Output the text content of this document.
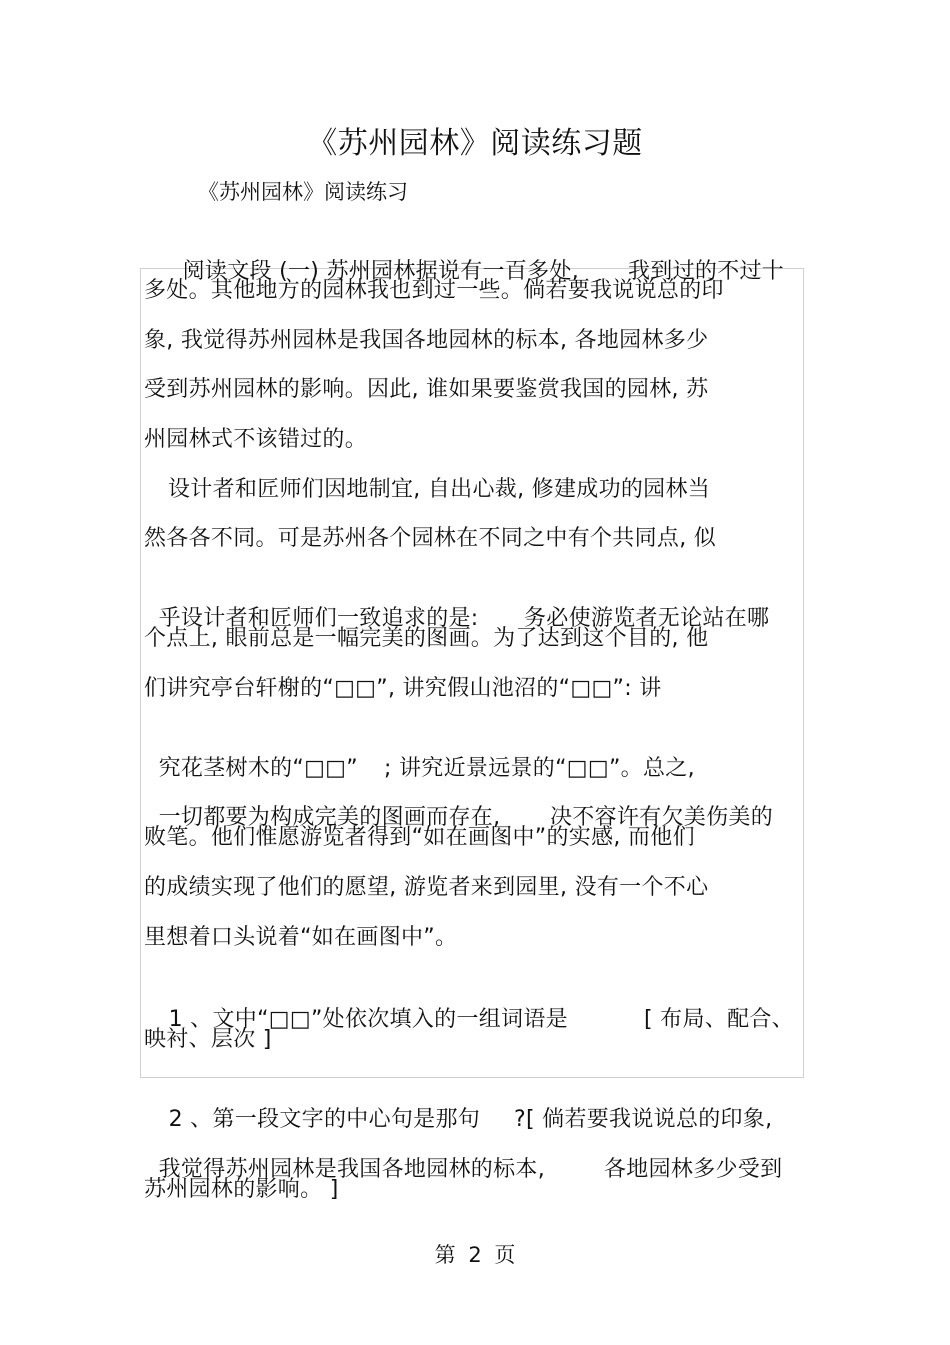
《苏州园林》阅读练习题
《苏州园林》阅读练习

阅读文段 (一) 苏州园林据说有一百多处, 我到过的不过十

多处。其他地方的园林我也到过一些。倘若要我说说总的印
象, 我觉得苏州园林是我国各地园林的标本, 各地园林多少
受到苏州园林的影响。因此, 谁如果要鉴赏我国的园林, 苏
州园林式不该错过的。
设计者和匠师们因地制宜, 自出心裁, 修建成功的园林当
然各各不同。可是苏州各个园林在不同之中有个共同点, 似

乎设计者和匠师们一致追求的是: 务必使游览者无论站在哪

个点上, 眼前总是一幅完美的图画。为了达到这个目的, 他
们讲究亭台轩榭的“□□”, 讲究假山池沼的“□□”: 讲

究花茎树木的“□□” ; 讲究近景远景的“□□”。总之,

一切都要为构成完美的图画而存在, 决不容许有欠美伤美的

败笔。他们惟愿游览者得到“如在画图中”的实感, 而他们
的成绩实现了他们的愿望, 游览者来到园里, 没有一个不心
里想着口头说着“如在画图中”。

1 、文中“□□”处依次填入的一组词语是	[ 布局、配合、

映衬、层次 ]

2 、第一段文字的中心句是那句 ?[ 倘若要我说说总的印象,

我觉得苏州园林是我国各地园林的标本,	各地园林多少受到

苏州园林的影响。 ]
第 2 页
